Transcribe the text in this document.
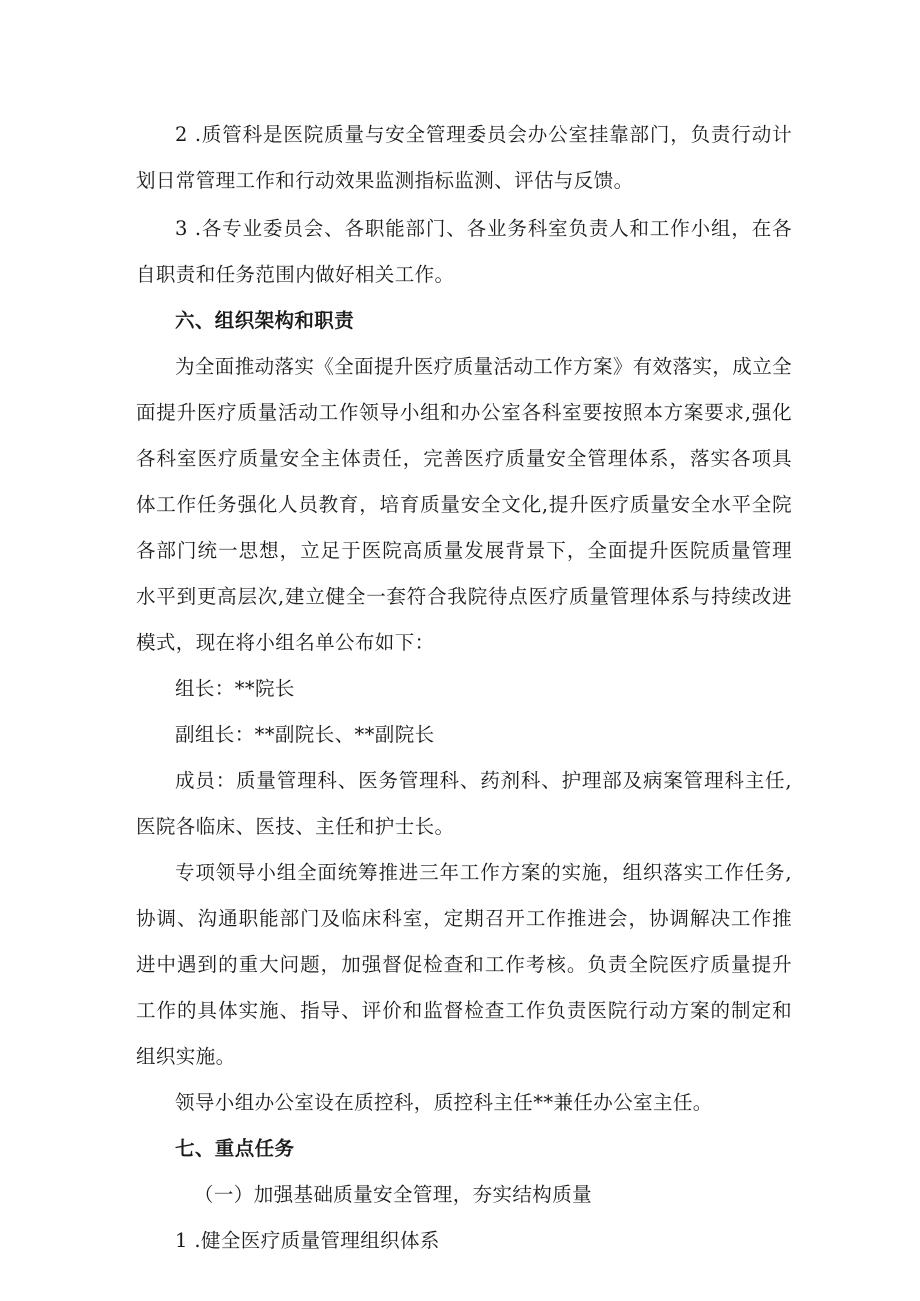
2 .质管科是医院质量与安全管理委员会办公室挂靠部门，负责行动计划日常管理工作和行动效果监测指标监测、评估与反馈。

3 .各专业委员会、各职能部门、各业务科室负责人和工作小组，在各自职责和任务范围内做好相关工作。

六、组织架构和职责

为全面推动落实《全面提升医疗质量活动工作方案》有效落实，成立全面提升医疗质量活动工作领导小组和办公室各科室要按照本方案要求,强化各科室医疗质量安全主体责任，完善医疗质量安全管理体系，落实各项具体工作任务强化人员教育，培育质量安全文化,提升医疗质量安全水平全院各部门统一思想，立足于医院高质量发展背景下，全面提升医院质量管理水平到更高层次,建立健全一套符合我院待点医疗质量管理体系与持续改进模式，现在将小组名单公布如下：

组长：**院长

副组长：**副院长、**副院长

成员：质量管理科、医务管理科、药剂科、护理部及病案管理科主任,医院各临床、医技、主任和护士长。

专项领导小组全面统筹推进三年工作方案的实施，组织落实工作任务,协调、沟通职能部门及临床科室，定期召开工作推进会，协调解决工作推进中遇到的重大问题，加强督促检查和工作考核。负责全院医疗质量提升工作的具体实施、指导、评价和监督检查工作负责医院行动方案的制定和组织实施。

领导小组办公室设在质控科，质控科主任**兼任办公室主任。

七、重点任务

（一）加强基础质量安全管理，夯实结构质量

1 .健全医疗质量管理组织体系
